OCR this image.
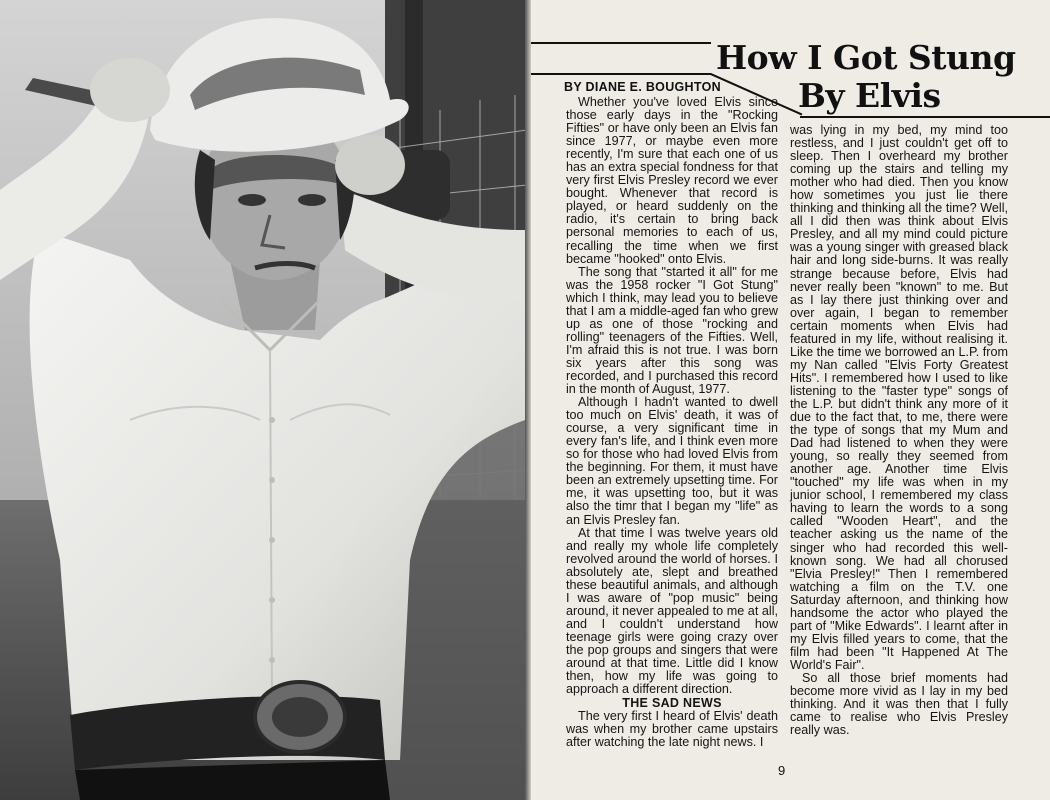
How I Got Stung
By Elvis
BY DIANE E. BOUGHTON

Whether you've loved Elvis since those early days in the "Rocking Fifties" or have only been an Elvis fan since 1977, or maybe even more recently, I'm sure that each one of us has an extra special fondness for that very first Elvis Presley record we ever bought. Whenever that record is played, or heard suddenly on the radio, it's certain to bring back personal memories to each of us, recalling the time when we first became "hooked" onto Elvis.

The song that "started it all" for me was the 1958 rocker "I Got Stung" which I think, may lead you to believe that I am a middle-aged fan who grew up as one of those "rocking and rolling" teenagers of the Fifties. Well, I'm afraid this is not true. I was born six years after this song was recorded, and I purchased this record in the month of August, 1977.

Although I hadn't wanted to dwell too much on Elvis' death, it was of course, a very significant time in every fan's life, and I think even more so for those who had loved Elvis from the beginning. For them, it must have been an extremely upsetting time. For me, it was upsetting too, but it was also the timr that I began my "life" as an Elvis Presley fan.

At that time I was twelve years old and really my whole life completely revolved around the world of horses. I absolutely ate, slept and breathed these beautiful animals, and although I was aware of "pop music" being around, it never appealed to me at all, and I couldn't understand how teenage girls were going crazy over the pop groups and singers that were around at that time. Little did I know then, how my life was going to approach a different direction.

THE SAD NEWS

The very first I heard of Elvis' death was when my brother came upstairs after watching the late night news. I

was lying in my bed, my mind too restless, and I just couldn't get off to sleep. Then I overheard my brother coming up the stairs and telling my mother who had died. Then you know how sometimes you just lie there thinking and thinking all the time? Well, all I did then was think about Elvis Presley, and all my mind could picture was a young singer with greased black hair and long side-burns. It was really strange because before, Elvis had never really been "known" to me. But as I lay there just thinking over and over again, I began to remember certain moments when Elvis had featured in my life, without realising it. Like the time we borrowed an L.P. from my Nan called "Elvis Forty Greatest Hits". I remembered how I used to like listening to the "faster type" songs of the L.P. but didn't think any more of it due to the fact that, to me, there were the type of songs that my Mum and Dad had listened to when they were young, so really they seemed from another age. Another time Elvis "touched" my life was when in my junior school, I remembered my class having to learn the words to a song called "Wooden Heart", and the teacher asking us the name of the singer who had recorded this well-known song. We had all chorused "Elvia Presley!" Then I remembered watching a film on the T.V. one Saturday afternoon, and thinking how handsome the actor who played the part of "Mike Edwards". I learnt after in my Elvis filled years to come, that the film had been "It Happened At The World's Fair".

So all those brief moments had become more vivid as I lay in my bed thinking. And it was then that I fully came to realise who Elvis Presley really was.

9
